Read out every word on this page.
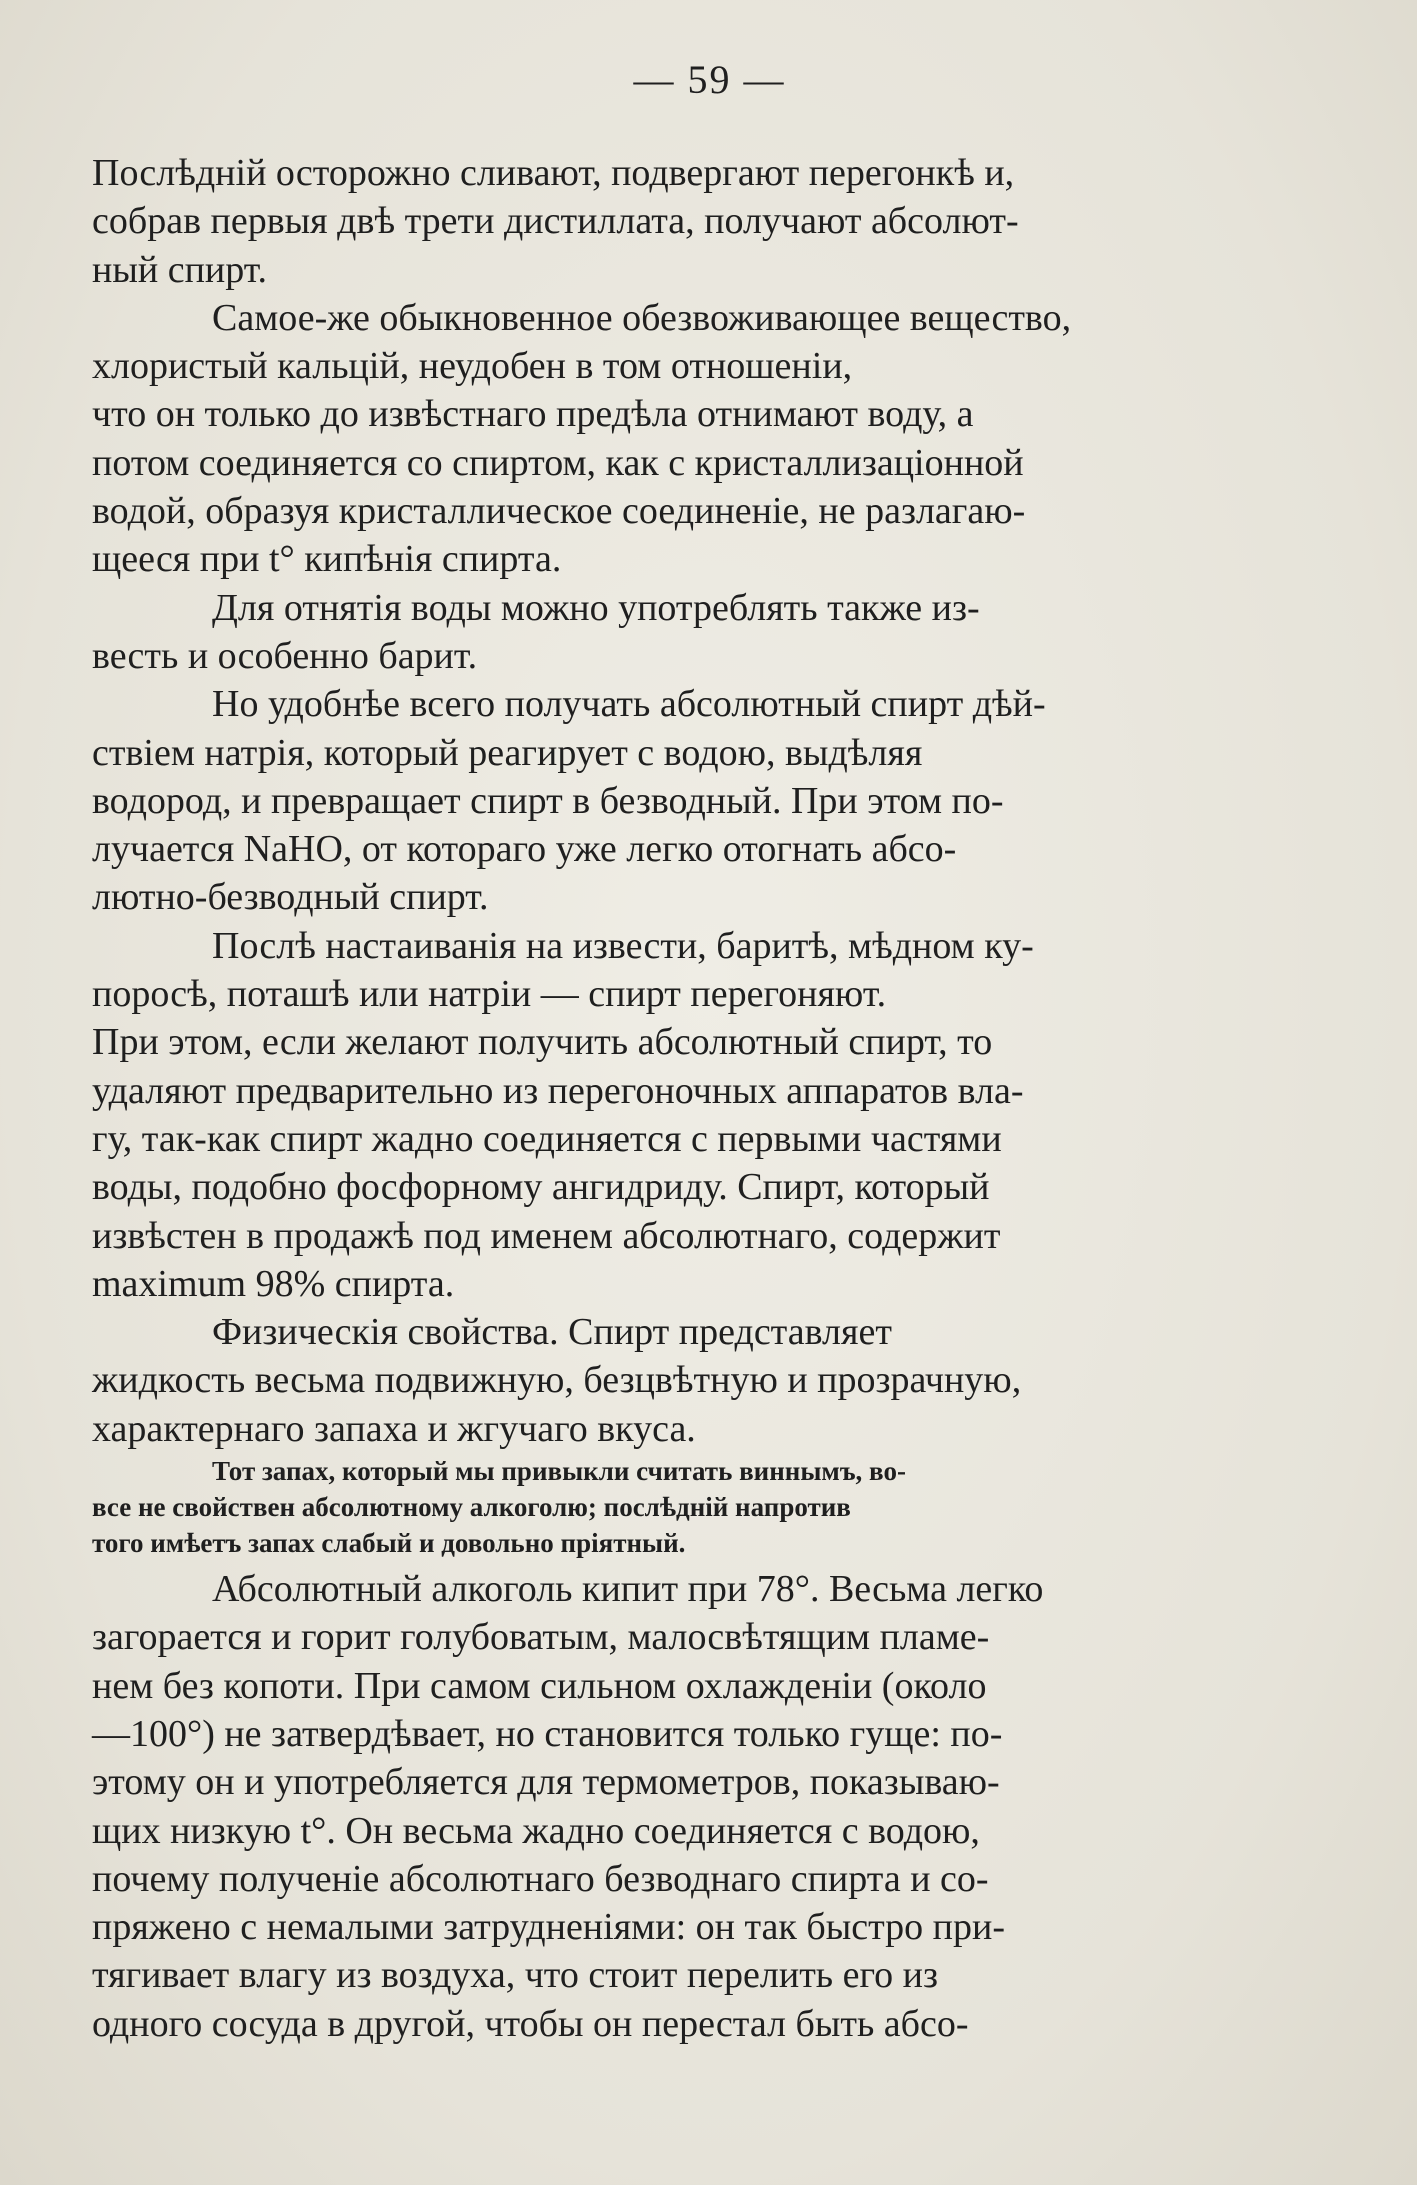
— 59 —
Послѣдній осторожно сливают, подвергают перегонкѣ и,
собрав первыя двѣ трети дистиллата, получают абсолют-
ный спирт.
Самое-же обыкновенное обезвоживающее вещество,
хлористый кальцій, неудобен в том отношеніи,
что он только до извѣстнаго предѣла отнимают воду, а
потом соединяется со спиртом, как с кристаллизаціонной
водой, образуя кристаллическое соединеніе, не разлагаю-
щееся при t° кипѣнія спирта.
Для отнятія воды можно употреблять также из-
весть и особенно барит.
Но удобнѣе всего получать абсолютный спирт дѣй-
ствіем натрія, который реагирует с водою, выдѣляя
водород, и превращает спирт в безводный. При этом по-
лучается NaHO, от котораго уже легко отогнать абсо-
лютно-безводный спирт.
Послѣ настаиванія на извести, баритѣ, мѣдном ку-
поросѣ, поташѣ или натріи — спирт перегоняют.
При этом, если желают получить абсолютный спирт, то
удаляют предварительно из перегоночных аппаратов вла-
гу, так-как спирт жадно соединяется с первыми частями
воды, подобно фосфорному ангидриду. Спирт, который
извѣстен в продажѣ под именем абсолютнаго, содержит
maximum 98% спирта.
Физическія свойства. Спирт представляет
жидкость весьма подвижную, безцвѣтную и прозрачную,
характернаго запаха и жгучаго вкуса.
Тот запах, который мы привыкли считать виннымъ, во-
все не свойствен абсолютному алкоголю; послѣдній напротив
того имѣетъ запах слабый и довольно пріятный.
Абсолютный алкоголь кипит при 78°. Весьма легко
загорается и горит голубоватым, малосвѣтящим пламе-
нем без копоти. При самом сильном охлажденіи (около
—100°) не затвердѣвает, но становится только гуще: по-
этому он и употребляется для термометров, показываю-
щих низкую t°. Он весьма жадно соединяется с водою,
почему полученіе абсолютнаго безводнаго спирта и со-
пряжено с немалыми затрудненіями: он так быстро при-
тягивает влагу из воздуха, что стоит перелить его из
одного сосуда в другой, чтобы он перестал быть абсо-
